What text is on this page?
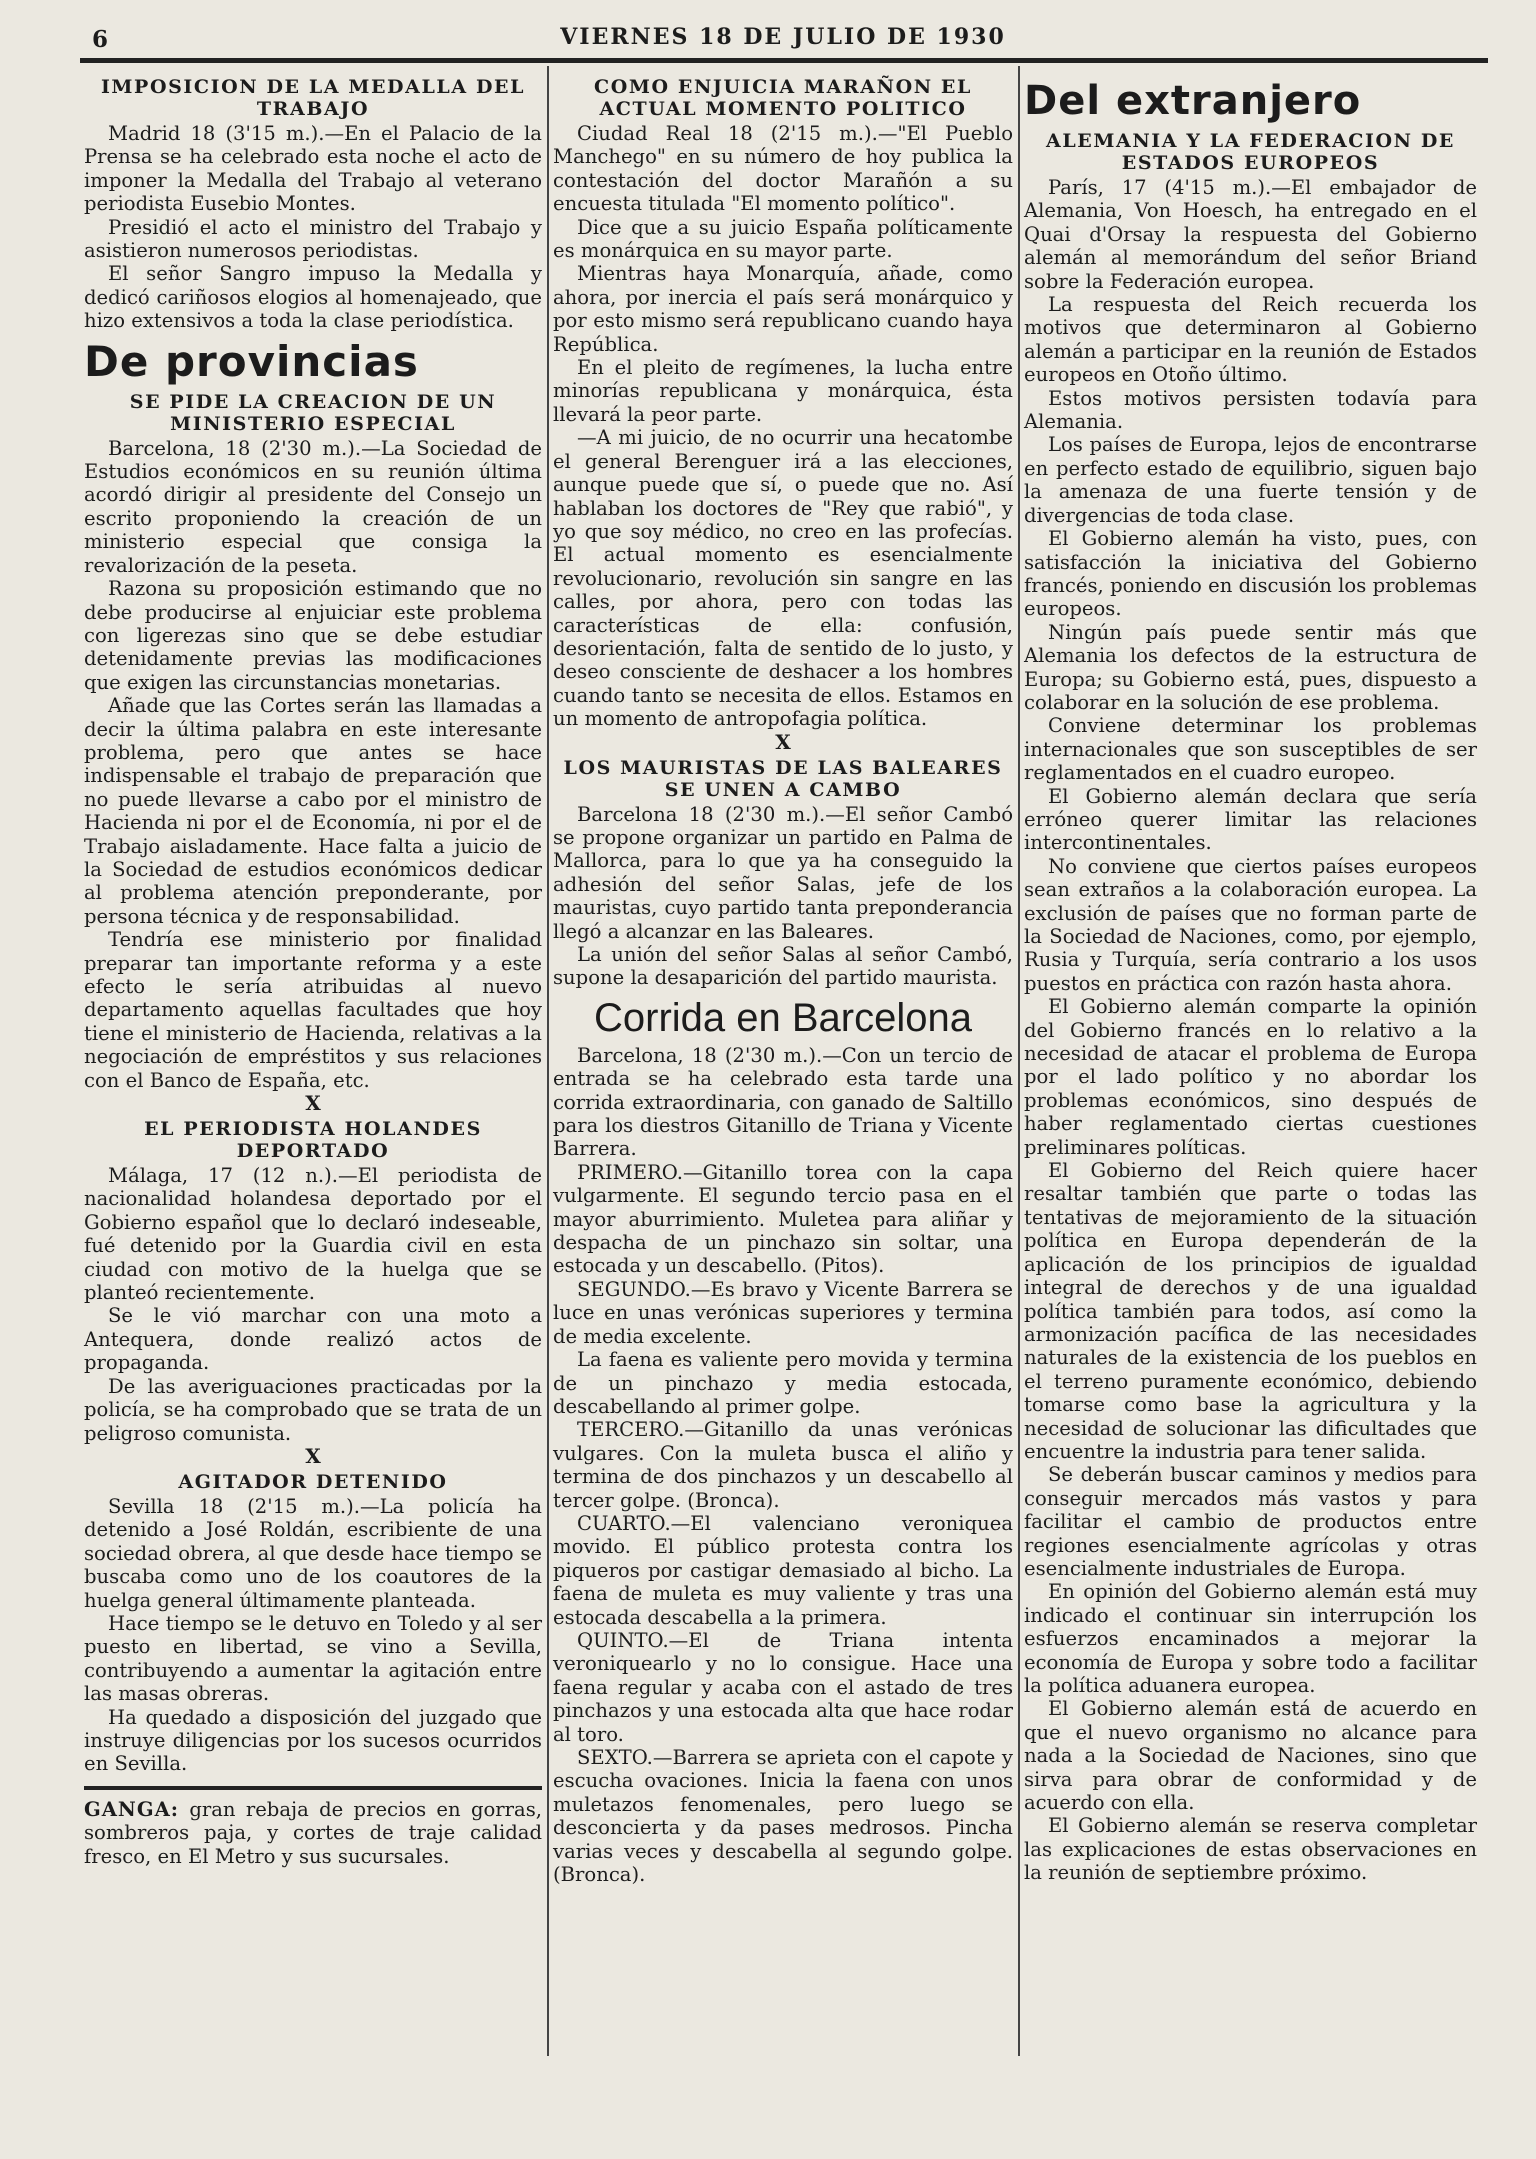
6	VIERNES 18 DE JULIO DE 1930

IMPOSICION DE LA MEDALLA DEL TRABAJO

Madrid 18 (3'15 m.).—En el Palacio de la Prensa se ha celebrado esta noche el acto de imponer la Medalla del Trabajo al veterano periodista Eusebio Montes.

Presidió el acto el ministro del Trabajo y asistieron numerosos periodistas.

El señor Sangro impuso la Medalla y dedicó cariñosos elogios al homenajeado, que hizo extensivos a toda la clase periodística.

De provincias

SE PIDE LA CREACION DE UN MINISTERIO ESPECIAL

Barcelona, 18 (2'30 m.).—La Sociedad de Estudios económicos en su reunión última acordó dirigir al presidente del Consejo un escrito proponiendo la creación de un ministerio especial que consiga la revalorización de la peseta.

Razona su proposición estimando que no debe producirse al enjuiciar este problema con ligerezas sino que se debe estudiar detenidamente previas las modificaciones que exigen las circunstancias monetarias.

Añade que las Cortes serán las llamadas a decir la última palabra en este interesante problema, pero que antes se hace indispensable el trabajo de preparación que no puede llevarse a cabo por el ministro de Hacienda ni por el de Economía, ni por el de Trabajo aisladamente. Hace falta a juicio de la Sociedad de estudios económicos dedicar al problema atención preponderante, por persona técnica y de responsabilidad.

Tendría ese ministerio por finalidad preparar tan importante reforma y a este efecto le sería atribuidas al nuevo departamento aquellas facultades que hoy tiene el ministerio de Hacienda, relativas a la negociación de empréstitos y sus relaciones con el Banco de España, etc.

X

EL PERIODISTA HOLANDES DEPORTADO

Málaga, 17 (12 n.).—El periodista de nacionalidad holandesa deportado por el Gobierno español que lo declaró indeseable, fué detenido por la Guardia civil en esta ciudad con motivo de la huelga que se planteó recientemente.

Se le vió marchar con una moto a Antequera, donde realizó actos de propaganda.

De las averiguaciones practicadas por la policía, se ha comprobado que se trata de un peligroso comunista.

X

AGITADOR DETENIDO

Sevilla 18 (2'15 m.).—La policía ha detenido a José Roldán, escribiente de una sociedad obrera, al que desde hace tiempo se buscaba como uno de los coautores de la huelga general últimamente planteada.

Hace tiempo se le detuvo en Toledo y al ser puesto en libertad, se vino a Sevilla, contribuyendo a aumentar la agitación entre las masas obreras.

Ha quedado a disposición del juzgado que instruye diligencias por los sucesos ocurridos en Sevilla.

GANGA: gran rebaja de precios en gorras, sombreros paja, y cortes de traje calidad fresco, en El Metro y sus sucursales.

COMO ENJUICIA MARAÑON EL ACTUAL MOMENTO POLITICO

Ciudad Real 18 (2'15 m.).—"El Pueblo Manchego" en su número de hoy publica la contestación del doctor Marañón a su encuesta titulada "El momento político".

Dice que a su juicio España políticamente es monárquica en su mayor parte.

Mientras haya Monarquía, añade, como ahora, por inercia el país será monárquico y por esto mismo será republicano cuando haya República.

En el pleito de regímenes, la lucha entre minorías republicana y monárquica, ésta llevará la peor parte.

—A mi juicio, de no ocurrir una hecatombe el general Berenguer irá a las elecciones, aunque puede que sí, o puede que no. Así hablaban los doctores de "Rey que rabió", y yo que soy médico, no creo en las profecías. El actual momento es esencialmente revolucionario, revolución sin sangre en las calles, por ahora, pero con todas las características de ella: confusión, desorientación, falta de sentido de lo justo, y deseo consciente de deshacer a los hombres cuando tanto se necesita de ellos. Estamos en un momento de antropofagia política.

X

LOS MAURISTAS DE LAS BALEARES SE UNEN A CAMBO

Barcelona 18 (2'30 m.).—El señor Cambó se propone organizar un partido en Palma de Mallorca, para lo que ya ha conseguido la adhesión del señor Salas, jefe de los mauristas, cuyo partido tanta preponderancia llegó a alcanzar en las Baleares.

La unión del señor Salas al señor Cambó, supone la desaparición del partido maurista.

Corrida en Barcelona

Barcelona, 18 (2'30 m.).—Con un tercio de entrada se ha celebrado esta tarde una corrida extraordinaria, con ganado de Saltillo para los diestros Gitanillo de Triana y Vicente Barrera.

PRIMERO.—Gitanillo torea con la capa vulgarmente. El segundo tercio pasa en el mayor aburrimiento. Muleteа para aliñar y despacha de un pinchazo sin soltar, una estocada y un descabello. (Pitos).

SEGUNDO.—Es bravo y Vicente Barrera se luce en unas verónicas superiores y termina de media excelente.

La faena es valiente pero movida y termina de un pinchazo y media estocada, descabellando al primer golpe.

TERCERO.—Gitanillo da unas verónicas vulgares. Con la muleta busca el aliño y termina de dos pinchazos y un descabello al tercer golpe. (Bronca).

CUARTO.—El valenciano veroniquea movido. El público protesta contra los piqueros por castigar demasiado al bicho. La faena de muleta es muy valiente y tras una estocada descabella a la primera.

QUINTO.—El de Triana intenta veroniquearlo y no lo consigue. Hace una faena regular y acaba con el astado de tres pinchazos y una estocada alta que hace rodar al toro.

SEXTO.—Barrera se aprieta con el capote y escucha ovaciones. Inicia la faena con unos muletazos fenomenales, pero luego se desconcierta y da pases medrosos. Pincha varias veces y descabella al segundo golpe. (Bronca).

Del extranjero

ALEMANIA Y LA FEDERACION DE ESTADOS EUROPEOS

París, 17 (4'15 m.).—El embajador de Alemania, Von Hoesch, ha entregado en el Quai d'Orsay la respuesta del Gobierno alemán al memorándum del señor Briand sobre la Federación europea.

La respuesta del Reich recuerda los motivos que determinaron al Gobierno alemán a participar en la reunión de Estados europeos en Otoño último.

Estos motivos persisten todavía para Alemania.

Los países de Europa, lejos de encontrarse en perfecto estado de equilibrio, siguen bajo la amenaza de una fuerte tensión y de divergencias de toda clase.

El Gobierno alemán ha visto, pues, con satisfacción la iniciativa del Gobierno francés, poniendo en discusión los problemas europeos.

Ningún país puede sentir más que Alemania los defectos de la estructura de Europa; su Gobierno está, pues, dispuesto a colaborar en la solución de ese problema.

Conviene determinar los problemas internacionales que son susceptibles de ser reglamentados en el cuadro europeo.

El Gobierno alemán declara que sería erróneo querer limitar las relaciones intercontinentales.

No conviene que ciertos países europeos sean extraños a la colaboración europea. La exclusión de países que no forman parte de la Sociedad de Naciones, como, por ejemplo, Rusia y Turquía, sería contrario a los usos puestos en práctica con razón hasta ahora.

El Gobierno alemán comparte la opinión del Gobierno francés en lo relativo a la necesidad de atacar el problema de Europa por el lado político y no abordar los problemas económicos, sino después de haber reglamentado ciertas cuestiones preliminares políticas.

El Gobierno del Reich quiere hacer resaltar también que parte o todas las tentativas de mejoramiento de la situación política en Europa dependerán de la aplicación de los principios de igualdad integral de derechos y de una igualdad política también para todos, así como la armonización pacífica de las necesidades naturales de la existencia de los pueblos en el terreno puramente económico, debiendo tomarse como base la agricultura y la necesidad de solucionar las dificultades que encuentre la industria para tener salida.

Se deberán buscar caminos y medios para conseguir mercados más vastos y para facilitar el cambio de productos entre regiones esencialmente agrícolas y otras esencialmente industriales de Europa.

En opinión del Gobierno alemán está muy indicado el continuar sin interrupción los esfuerzos encaminados a mejorar la economía de Europa y sobre todo a facilitar la política aduanera europea.

El Gobierno alemán está de acuerdo en que el nuevo organismo no alcance para nada a la Sociedad de Naciones, sino que sirva para obrar de conformidad y de acuerdo con ella.

El Gobierno alemán se reserva completar las explicaciones de estas observaciones en la reunión de septiembre próximo.
